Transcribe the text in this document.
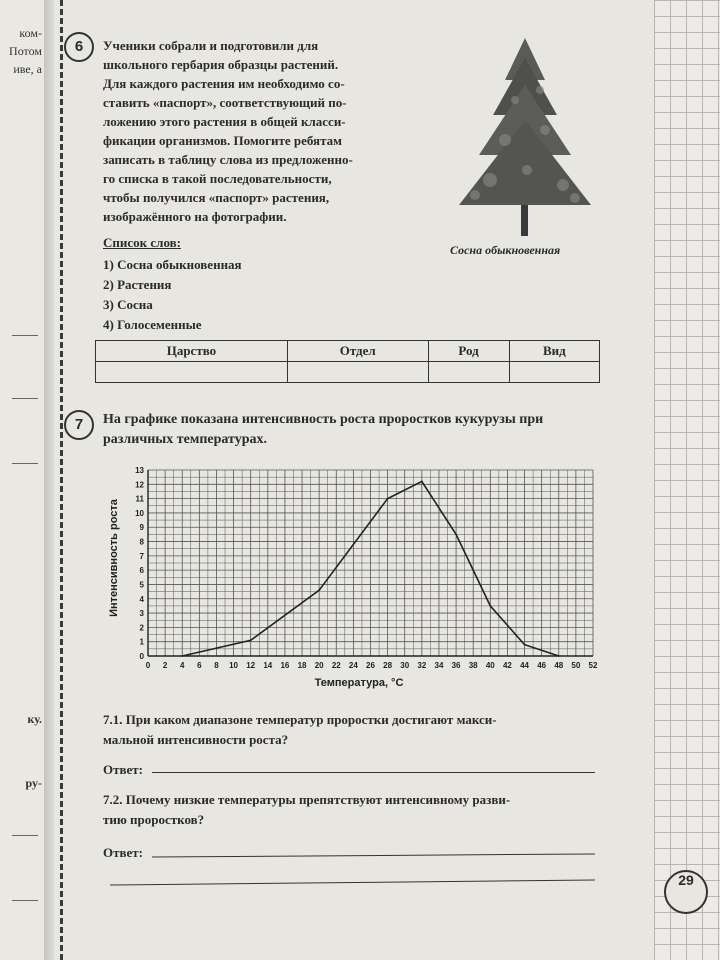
ком-
Потом
иве, а
ку.
ру-
6	Ученики собрали и подготовили для
школьного гербария образцы растений.
Для каждого растения им необходимо со-
ставить «паспорт», соответствующий по-
ложению этого растения в общей класси-
фикации организмов. Помогите ребятам
записать в таблицу слова из предложенно-
го списка в такой последовательности,
чтобы получился «паспорт» растения,
изображённого на фотографии.
Сосна обыкновенная
Список слов:
1) Сосна обыкновенная
2) Растения
3) Сосна
4) Голосеменные
Царство	Отдел	Род	Вид

7	На графике показана интенсивность роста проростков кукурузы при
различных температурах.
0 2 4 6 8 10 12 14 16 18 20 22 24 26 28 30 32 34 36 38 40 42 44 46 48 50 52
0
1
2
3
4
5
6
7
8
9
10
11
12
13
Интенсивность роста
Температура, °С
7.1. При каком диапазоне температур проростки достигают макси-
мальной интенсивности роста?
Ответ:
7.2. Почему низкие температуры препятствуют интенсивному разви-
тию проростков?
Ответ:
29
